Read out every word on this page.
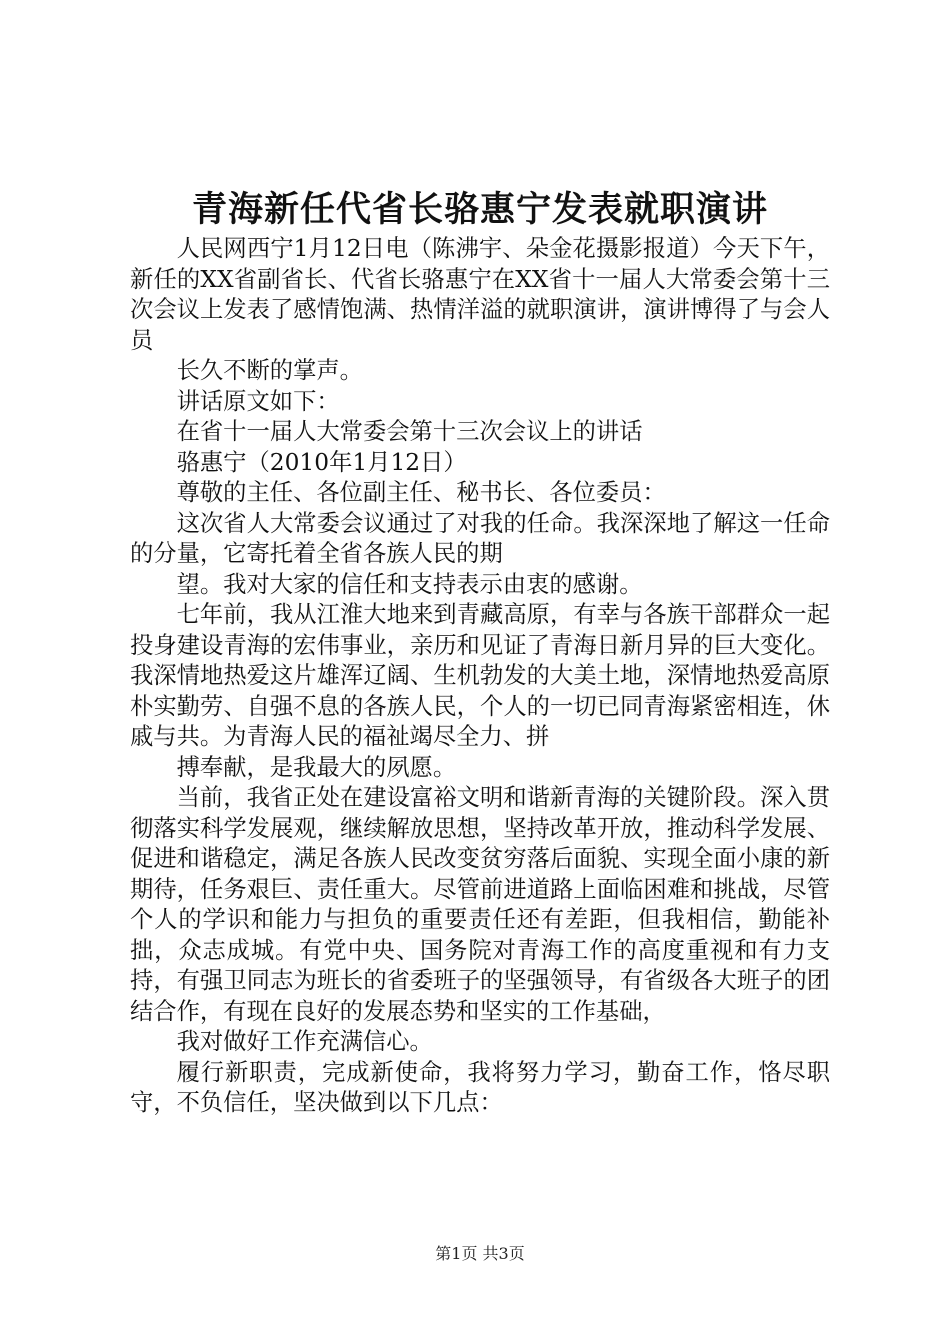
青海新任代省长骆惠宁发表就职演讲

人民网西宁1月12日电（陈沸宇、朵金花摄影报道）今天下午，新任的XX省副省长、代省长骆惠宁在XX省十一届人大常委会第十三次会议上发表了感情饱满、热情洋溢的就职演讲，演讲博得了与会人员

长久不断的掌声。

讲话原文如下：

在省十一届人大常委会第十三次会议上的讲话

骆惠宁（2010年1月12日）

尊敬的主任、各位副主任、秘书长、各位委员：

这次省人大常委会议通过了对我的任命。我深深地了解这一任命的分量，它寄托着全省各族人民的期

望。我对大家的信任和支持表示由衷的感谢。

七年前，我从江淮大地来到青藏高原，有幸与各族干部群众一起投身建设青海的宏伟事业，亲历和见证了青海日新月异的巨大变化。我深情地热爱这片雄浑辽阔、生机勃发的大美土地，深情地热爱高原朴实勤劳、自强不息的各族人民，个人的一切已同青海紧密相连，休戚与共。为青海人民的福祉竭尽全力、拼

搏奉献，是我最大的夙愿。

当前，我省正处在建设富裕文明和谐新青海的关键阶段。深入贯彻落实科学发展观，继续解放思想，坚持改革开放，推动科学发展、促进和谐稳定，满足各族人民改变贫穷落后面貌、实现全面小康的新期待，任务艰巨、责任重大。尽管前进道路上面临困难和挑战，尽管个人的学识和能力与担负的重要责任还有差距，但我相信，勤能补拙，众志成城。有党中央、国务院对青海工作的高度重视和有力支持，有强卫同志为班长的省委班子的坚强领导，有省级各大班子的团结合作，有现在良好的发展态势和坚实的工作基础，

我对做好工作充满信心。

履行新职责，完成新使命，我将努力学习，勤奋工作，恪尽职守，不负信任，坚决做到以下几点：

第1页 共3页
